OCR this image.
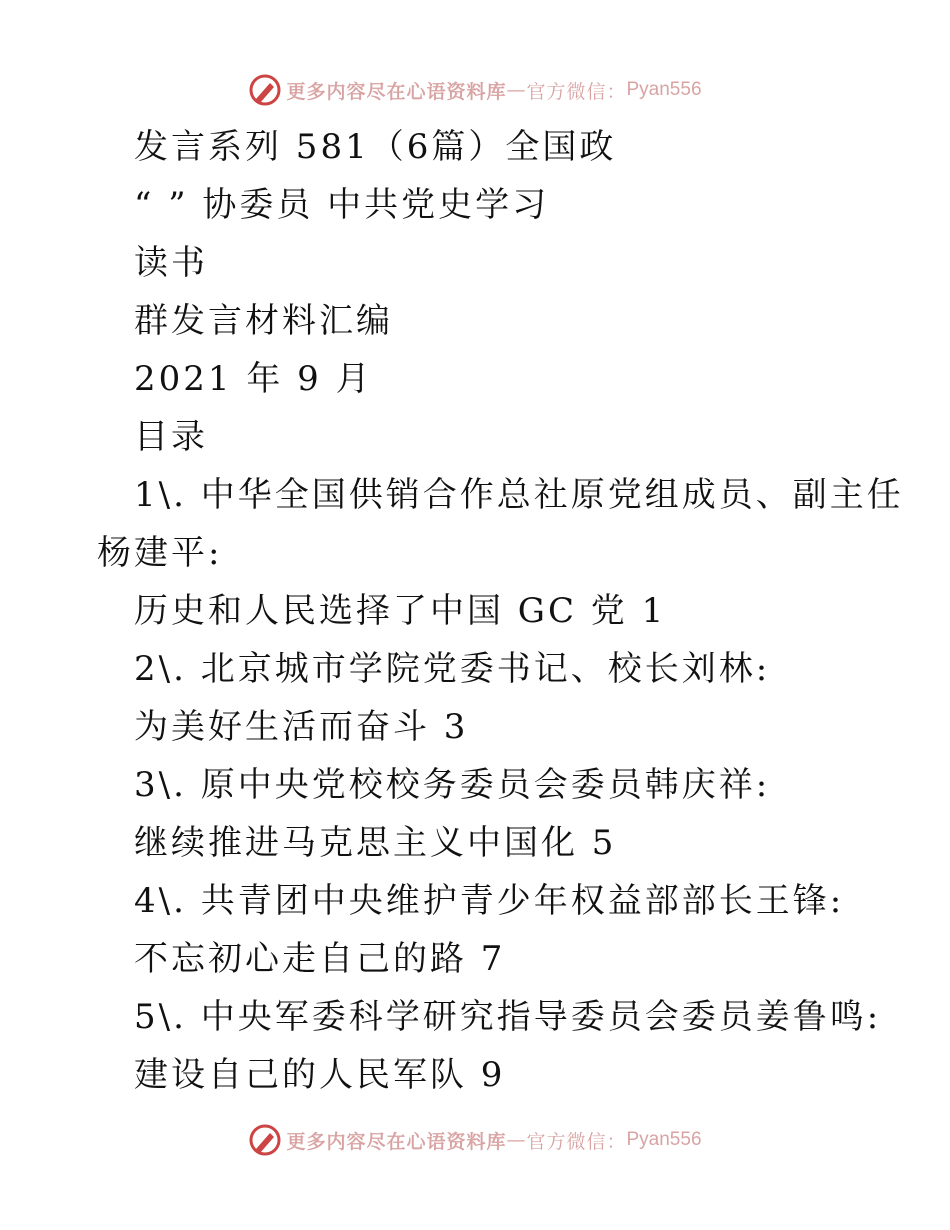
更多内容尽在心语资料库 — 官方微信： Pyan556
发言系列 581（6篇）全国政
“ ” 协委员 中共党史学习
读书
群发言材料汇编
2021 年 9 月
目录
1\. 中华全国供销合作总社原党组成员、副主任
杨建平:
历史和人民选择了中国 GC 党 1
2\. 北京城市学院党委书记、校长刘林:
为美好生活而奋斗 3
3\. 原中央党校校务委员会委员韩庆祥:
继续推进马克思主义中国化 5
4\. 共青团中央维护青少年权益部部长王锋:
不忘初心走自己的路 7
5\. 中央军委科学研究指导委员会委员姜鲁鸣:
建设自己的人民军队 9
更多内容尽在心语资料库 — 官方微信： Pyan556
